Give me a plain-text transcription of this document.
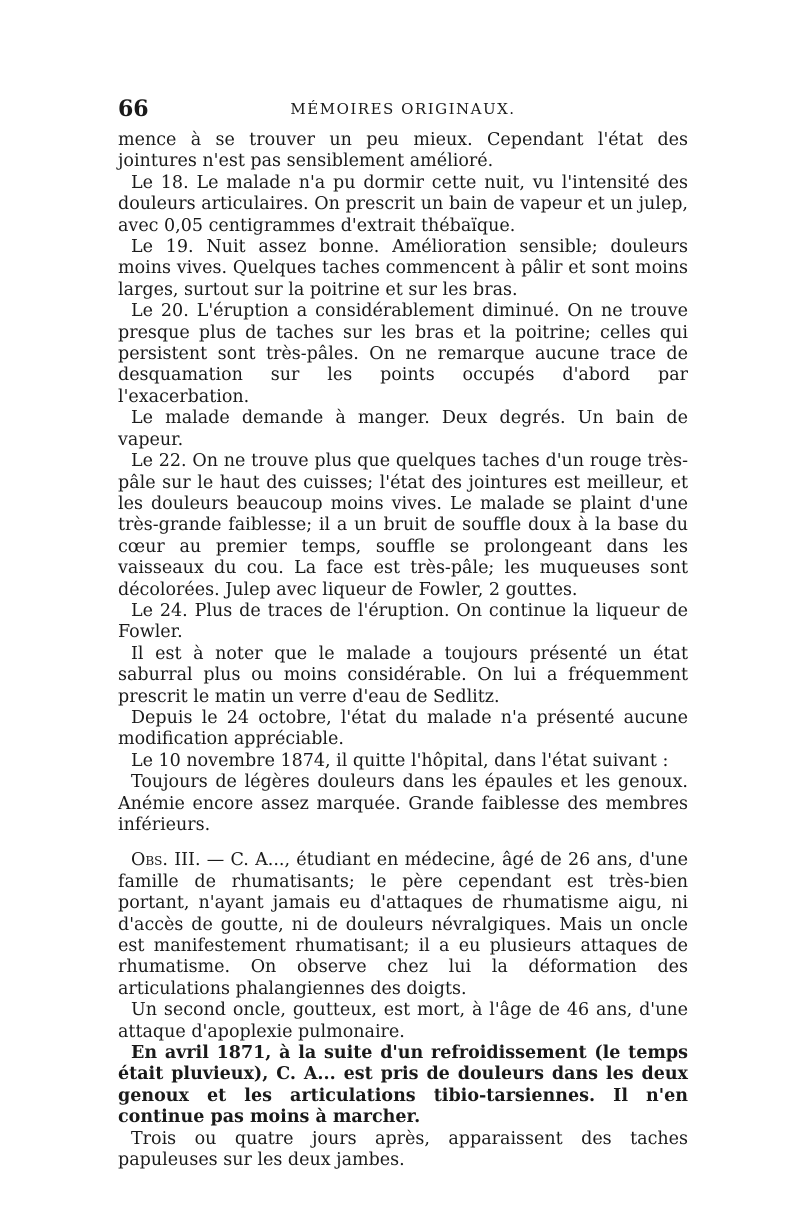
66	MÉMOIRES ORIGINAUX.

mence à se trouver un peu mieux. Cependant l'état des jointures n'est pas sensiblement amélioré.

Le 18. Le malade n'a pu dormir cette nuit, vu l'intensité des douleurs articulaires. On prescrit un bain de vapeur et un julep, avec 0,05 centigrammes d'extrait thébaïque.

Le 19. Nuit assez bonne. Amélioration sensible; douleurs moins vives. Quelques taches commencent à pâlir et sont moins larges, surtout sur la poitrine et sur les bras.

Le 20. L'éruption a considérablement diminué. On ne trouve presque plus de taches sur les bras et la poitrine; celles qui persistent sont très-pâles. On ne remarque aucune trace de desquamation sur les points occupés d'abord par l'exacerbation.

Le malade demande à manger. Deux degrés. Un bain de vapeur.

Le 22. On ne trouve plus que quelques taches d'un rouge très-pâle sur le haut des cuisses; l'état des jointures est meilleur, et les douleurs beaucoup moins vives. Le malade se plaint d'une très-grande faiblesse; il a un bruit de souffle doux à la base du cœur au premier temps, souffle se prolongeant dans les vaisseaux du cou. La face est très-pâle; les muqueuses sont décolorées. Julep avec liqueur de Fowler, 2 gouttes.

Le 24. Plus de traces de l'éruption. On continue la liqueur de Fowler.

Il est à noter que le malade a toujours présenté un état saburral plus ou moins considérable. On lui a fréquemment prescrit le matin un verre d'eau de Sedlitz.

Depuis le 24 octobre, l'état du malade n'a présenté aucune modification appréciable.

Le 10 novembre 1874, il quitte l'hôpital, dans l'état suivant :

Toujours de légères douleurs dans les épaules et les genoux. Anémie encore assez marquée. Grande faiblesse des membres inférieurs.

Obs. III. — C. A..., étudiant en médecine, âgé de 26 ans, d'une famille de rhumatisants; le père cependant est très-bien portant, n'ayant jamais eu d'attaques de rhumatisme aigu, ni d'accès de goutte, ni de douleurs névralgiques. Mais un oncle est manifestement rhumatisant; il a eu plusieurs attaques de rhumatisme. On observe chez lui la déformation des articulations phalangiennes des doigts.

Un second oncle, goutteux, est mort, à l'âge de 46 ans, d'une attaque d'apoplexie pulmonaire.

En avril 1871, à la suite d'un refroidissement (le temps était pluvieux), C. A... est pris de douleurs dans les deux genoux et les articulations tibio-tarsiennes. Il n'en continue pas moins à marcher.

Trois ou quatre jours après, apparaissent des taches papuleuses sur les deux jambes.
